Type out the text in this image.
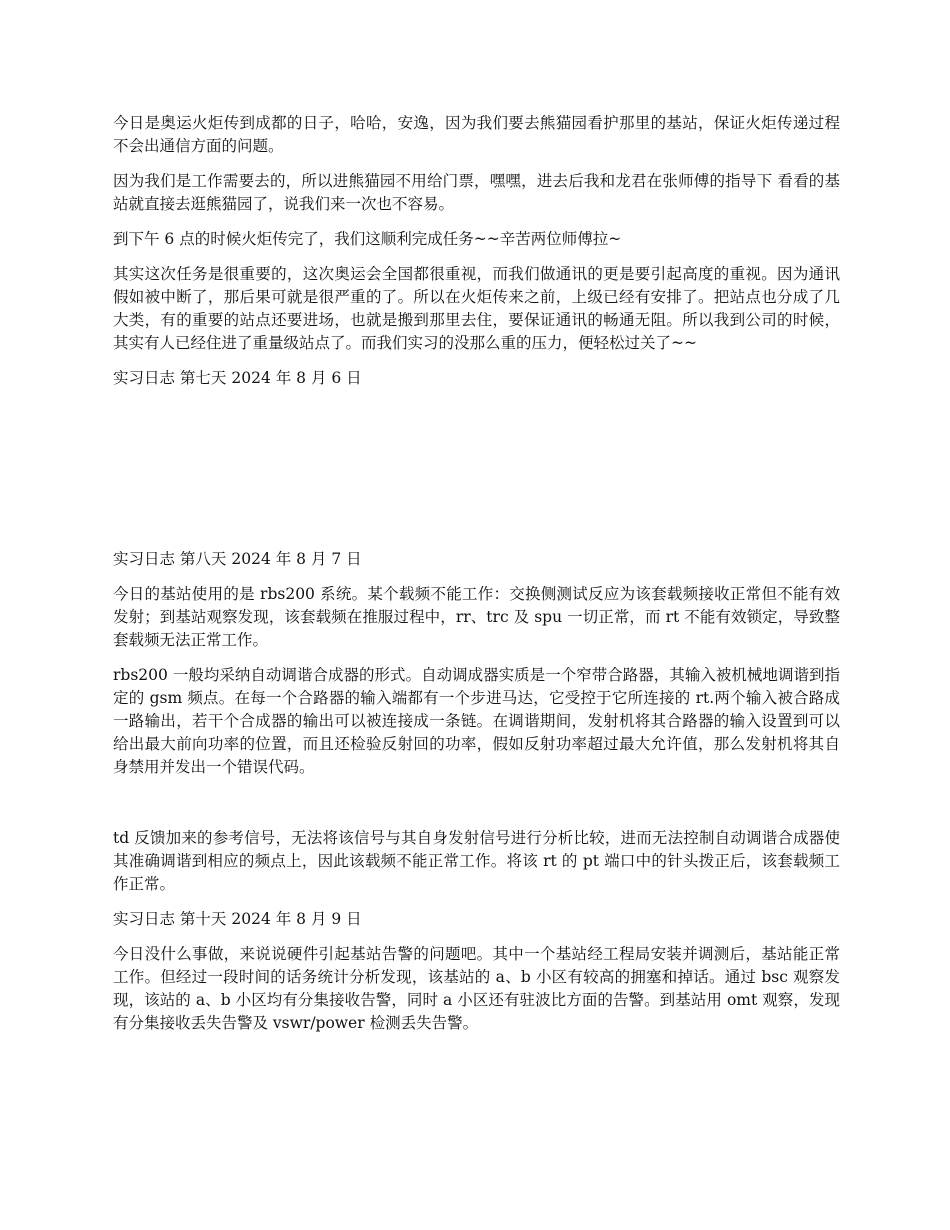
今日是奥运火炬传到成都的日子，哈哈，安逸，因为我们要去熊猫园看护那里的基站，保证火炬传递过程不会出通信方面的问题。

因为我们是工作需要去的，所以进熊猫园不用给门票，嘿嘿，进去后我和龙君在张师傅的指导下 看看的基站就直接去逛熊猫园了，说我们来一次也不容易。

到下午 6 点的时候火炬传完了，我们这顺利完成任务~~辛苦两位师傅拉~

其实这次任务是很重要的，这次奥运会全国都很重视，而我们做通讯的更是要引起高度的重视。因为通讯假如被中断了，那后果可就是很严重的了。所以在火炬传来之前，上级已经有安排了。把站点也分成了几大类，有的重要的站点还要进场，也就是搬到那里去住，要保证通讯的畅通无阻。所以我到公司的时候，其实有人已经住进了重量级站点了。而我们实习的没那么重的压力，便轻松过关了~~

实习日志 第七天 2024 年 8 月 6 日

实习日志 第八天 2024 年 8 月 7 日

今日的基站使用的是 rbs200 系统。某个载频不能工作：交换侧测试反应为该套载频接收正常但不能有效发射；到基站观察发现，该套载频在推服过程中，rr、trc 及 spu 一切正常，而 rt 不能有效锁定，导致整套载频无法正常工作。

rbs200 一般均采纳自动调谐合成器的形式。自动调成器实质是一个窄带合路器，其输入被机械地调谐到指定的 gsm 频点。在每一个合路器的输入端都有一个步进马达，它受控于它所连接的 rt.两个输入被合路成一路输出，若干个合成器的输出可以被连接成一条链。在调谐期间，发射机将其合路器的输入设置到可以给出最大前向功率的位置，而且还检验反射回的功率，假如反射功率超过最大允许值，那么发射机将其自身禁用并发出一个错误代码。

td 反馈加来的参考信号，无法将该信号与其自身发射信号进行分析比较，进而无法控制自动调谐合成器使其准确调谐到相应的频点上，因此该载频不能正常工作。将该 rt 的 pt 端口中的针头拨正后，该套载频工作正常。

实习日志 第十天 2024 年 8 月 9 日

今日没什么事做，来说说硬件引起基站告警的问题吧。其中一个基站经工程局安装并调测后，基站能正常工作。但经过一段时间的话务统计分析发现，该基站的 a、b 小区有较高的拥塞和掉话。通过 bsc 观察发现，该站的 a、b 小区均有分集接收告警，同时 a 小区还有驻波比方面的告警。到基站用 omt 观察，发现有分集接收丢失告警及 vswr/power 检测丢失告警。
